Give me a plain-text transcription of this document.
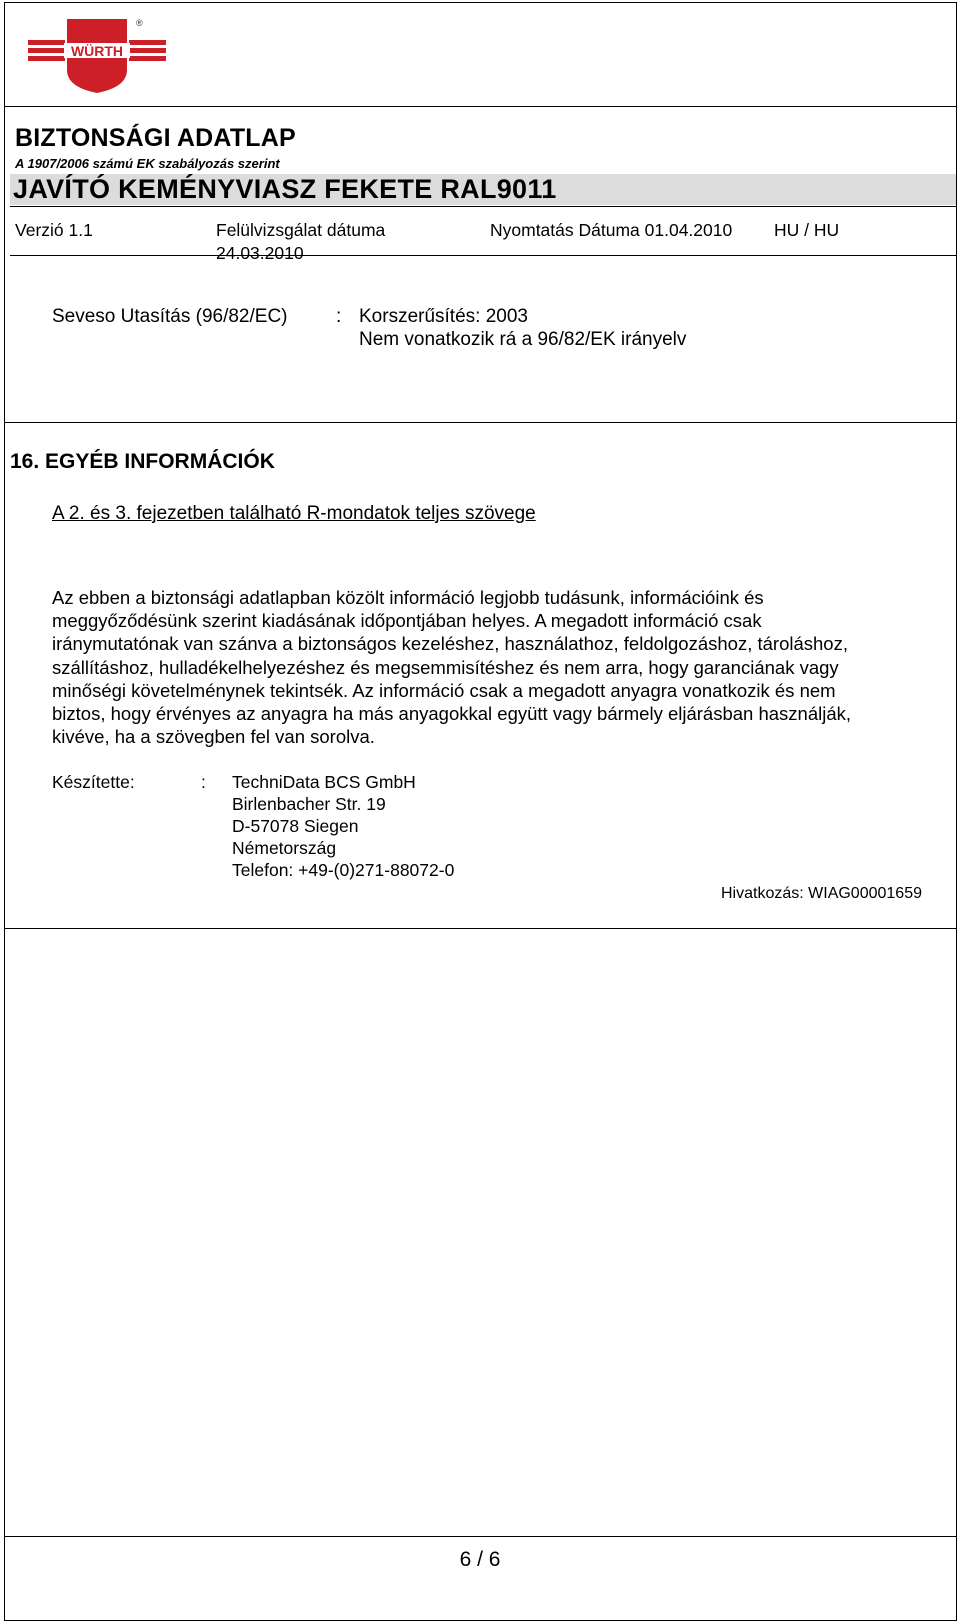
WÜRTH
®
BIZTONSÁGI ADATLAP
A 1907/2006 számú EK szabályozás szerint
JAVÍTÓ KEMÉNYVIASZ FEKETE RAL9011
Verzió 1.1	Felülvizsgálat dátuma
24.03.2010
Nyomtatás Dátuma 01.04.2010 HU / HU
Seveso Utasítás (96/82/EC)	: Korszerűsítés: 2003
Nem vonatkozik rá a 96/82/EK irányelv
16. EGYÉB INFORMÁCIÓK
A 2. és 3. fejezetben található R-mondatok teljes szövege
Az ebben a biztonsági adatlapban közölt információ legjobb tudásunk, információink és
meggyőződésünk szerint kiadásának időpontjában helyes. A megadott információ csak
iránymutatónak van szánva a biztonságos kezeléshez, használathoz, feldolgozáshoz, tároláshoz,
szállításhoz, hulladékelhelyezéshez és megsemmisítéshez és nem arra, hogy garanciának vagy
minőségi követelménynek tekintsék. Az információ csak a megadott anyagra vonatkozik és nem
biztos, hogy érvényes az anyagra ha más anyagokkal együtt vagy bármely eljárásban használják,
kivéve, ha a szövegben fel van sorolva.
Készítette:	: TechniData BCS GmbH
Birlenbacher Str. 19
D-57078 Siegen
Németország
Telefon: +49-(0)271-88072-0
Hivatkozás: WIAG00001659
6 / 6
